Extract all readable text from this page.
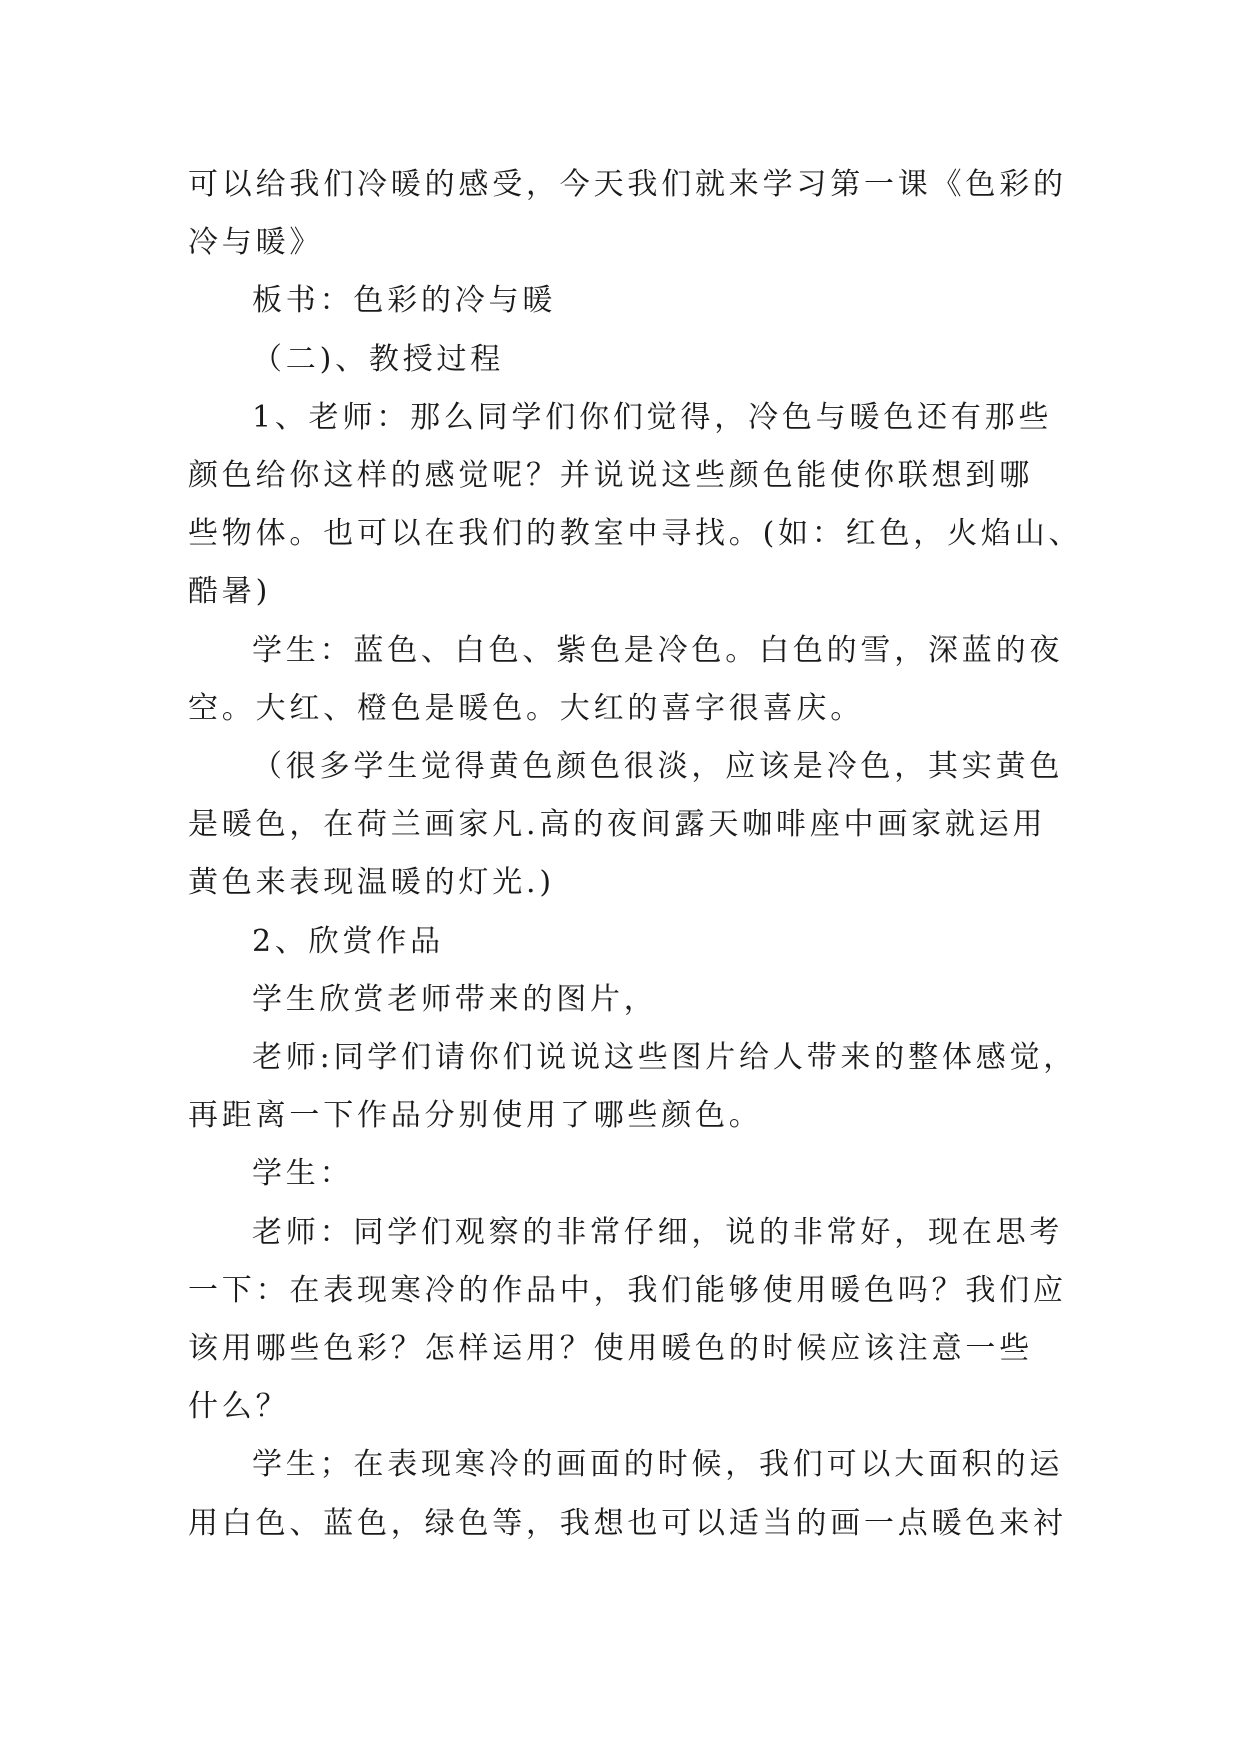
可以给我们冷暖的感受，今天我们就来学习第一课《色彩的
冷与暖》

板书：色彩的冷与暖

（二)、教授过程

1、老师：那么同学们你们觉得，冷色与暖色还有那些
颜色给你这样的感觉呢？并说说这些颜色能使你联想到哪
些物体。也可以在我们的教室中寻找。(如：红色，火焰山、
酷暑)

学生：蓝色、白色、紫色是冷色。白色的雪，深蓝的夜
空。大红、橙色是暖色。大红的喜字很喜庆。

（很多学生觉得黄色颜色很淡，应该是冷色，其实黄色
是暖色，在荷兰画家凡.高的夜间露天咖啡座中画家就运用
黄色来表现温暖的灯光.)

2、欣赏作品

学生欣赏老师带来的图片，

老师:同学们请你们说说这些图片给人带来的整体感觉，
再距离一下作品分别使用了哪些颜色。

学生：

老师：同学们观察的非常仔细，说的非常好，现在思考
一下：在表现寒冷的作品中，我们能够使用暖色吗？我们应
该用哪些色彩？怎样运用？使用暖色的时候应该注意一些
什么？

学生；在表现寒冷的画面的时候，我们可以大面积的运
用白色、蓝色，绿色等，我想也可以适当的画一点暖色来衬
